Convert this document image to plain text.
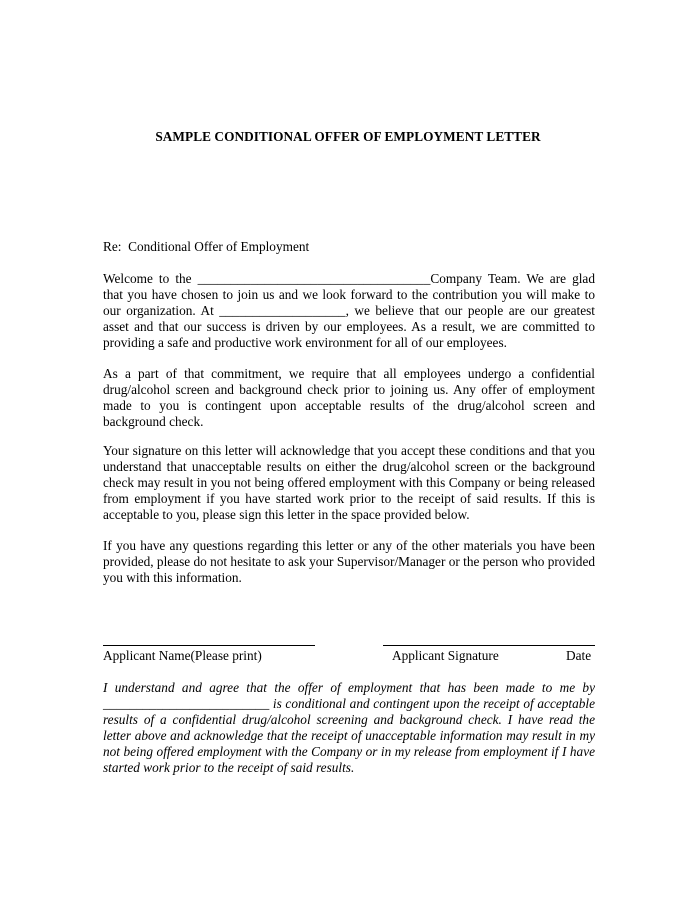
SAMPLE CONDITIONAL OFFER OF EMPLOYMENT LETTER
Re:  Conditional Offer of Employment
Welcome to the ___________________________________Company Team. We are glad that you have chosen to join us and we look forward to the contribution you will make to our organization. At ___________________, we believe that our people are our greatest asset and that our success is driven by our employees. As a result, we are committed to providing a safe and productive work environment for all of our employees.
As a part of that commitment, we require that all employees undergo a confidential drug/alcohol screen and background check prior to joining us. Any offer of employment made to you is contingent upon acceptable results of the drug/alcohol screen and background check.
Your signature on this letter will acknowledge that you accept these conditions and that you understand that unacceptable results on either the drug/alcohol screen or the background check may result in you not being offered employment with this Company or being released from employment if you have started work prior to the receipt of said results. If this is acceptable to you, please sign this letter in the space provided below.
If you have any questions regarding this letter or any of the other materials you have been provided, please do not hesitate to ask your Supervisor/Manager or the person who provided you with this information.
Applicant Name(Please print)	Applicant Signature	Date
I understand and agree that the offer of employment that has been made to me by _________________________ is conditional and contingent upon the receipt of acceptable results of a confidential drug/alcohol screening and background check. I have read the letter above and acknowledge that the receipt of unacceptable information may result in my not being offered employment with the Company or in my release from employment if I have started work prior to the receipt of said results.
